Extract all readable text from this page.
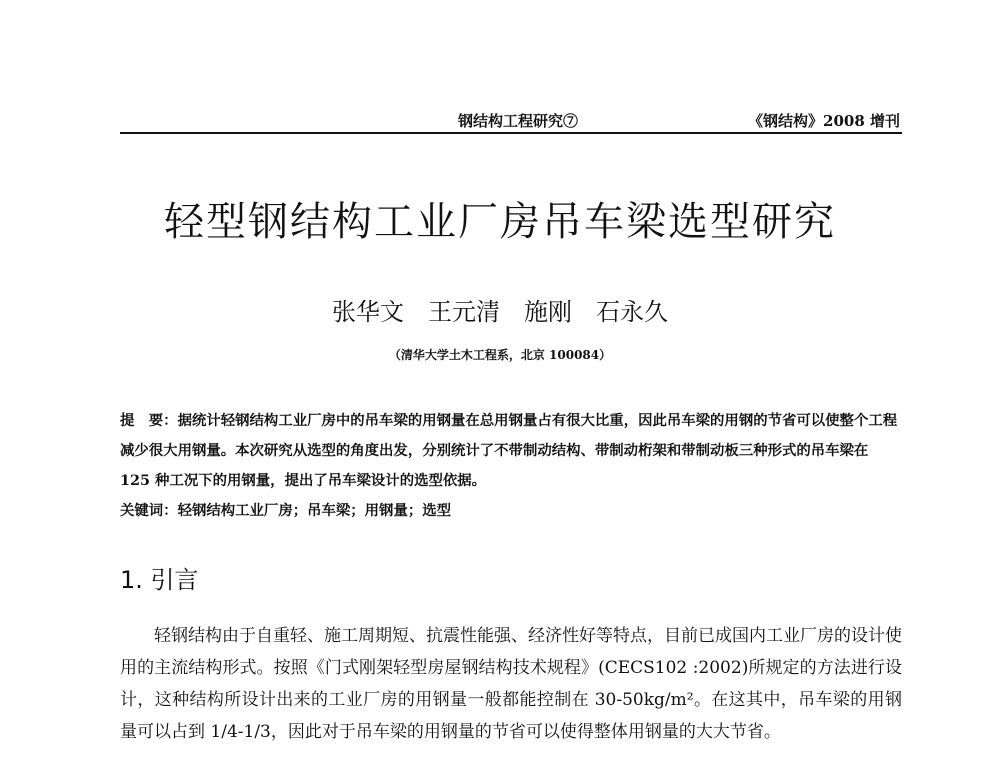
钢结构工程研究⑦	《钢结构》2008 增刊
轻型钢结构工业厂房吊车梁选型研究
张华文　王元清　施刚　石永久
（清华大学土木工程系，北京 100084）

提　要：据统计轻钢结构工业厂房中的吊车梁的用钢量在总用钢量占有很大比重，因此吊车梁的用钢的节省可以使整个工程减少很大用钢量。本次研究从选型的角度出发，分别统计了不带制动结构、带制动桁架和带制动板三种形式的吊车梁在 125 种工况下的用钢量，提出了吊车梁设计的选型依据。

关键词：轻钢结构工业厂房；吊车梁；用钢量；选型

1. 引言

轻钢结构由于自重轻、施工周期短、抗震性能强、经济性好等特点，目前已成国内工业厂房的设计使用的主流结构形式。按照《门式刚架轻型房屋钢结构技术规程》(CECS102 :2002)所规定的方法进行设计，这种结构所设计出来的工业厂房的用钢量一般都能控制在 30-50kg/m²。在这其中，吊车梁的用钢量可以占到 1/4-1/3，因此对于吊车梁的用钢量的节省可以使得整体用钢量的大大节省。
